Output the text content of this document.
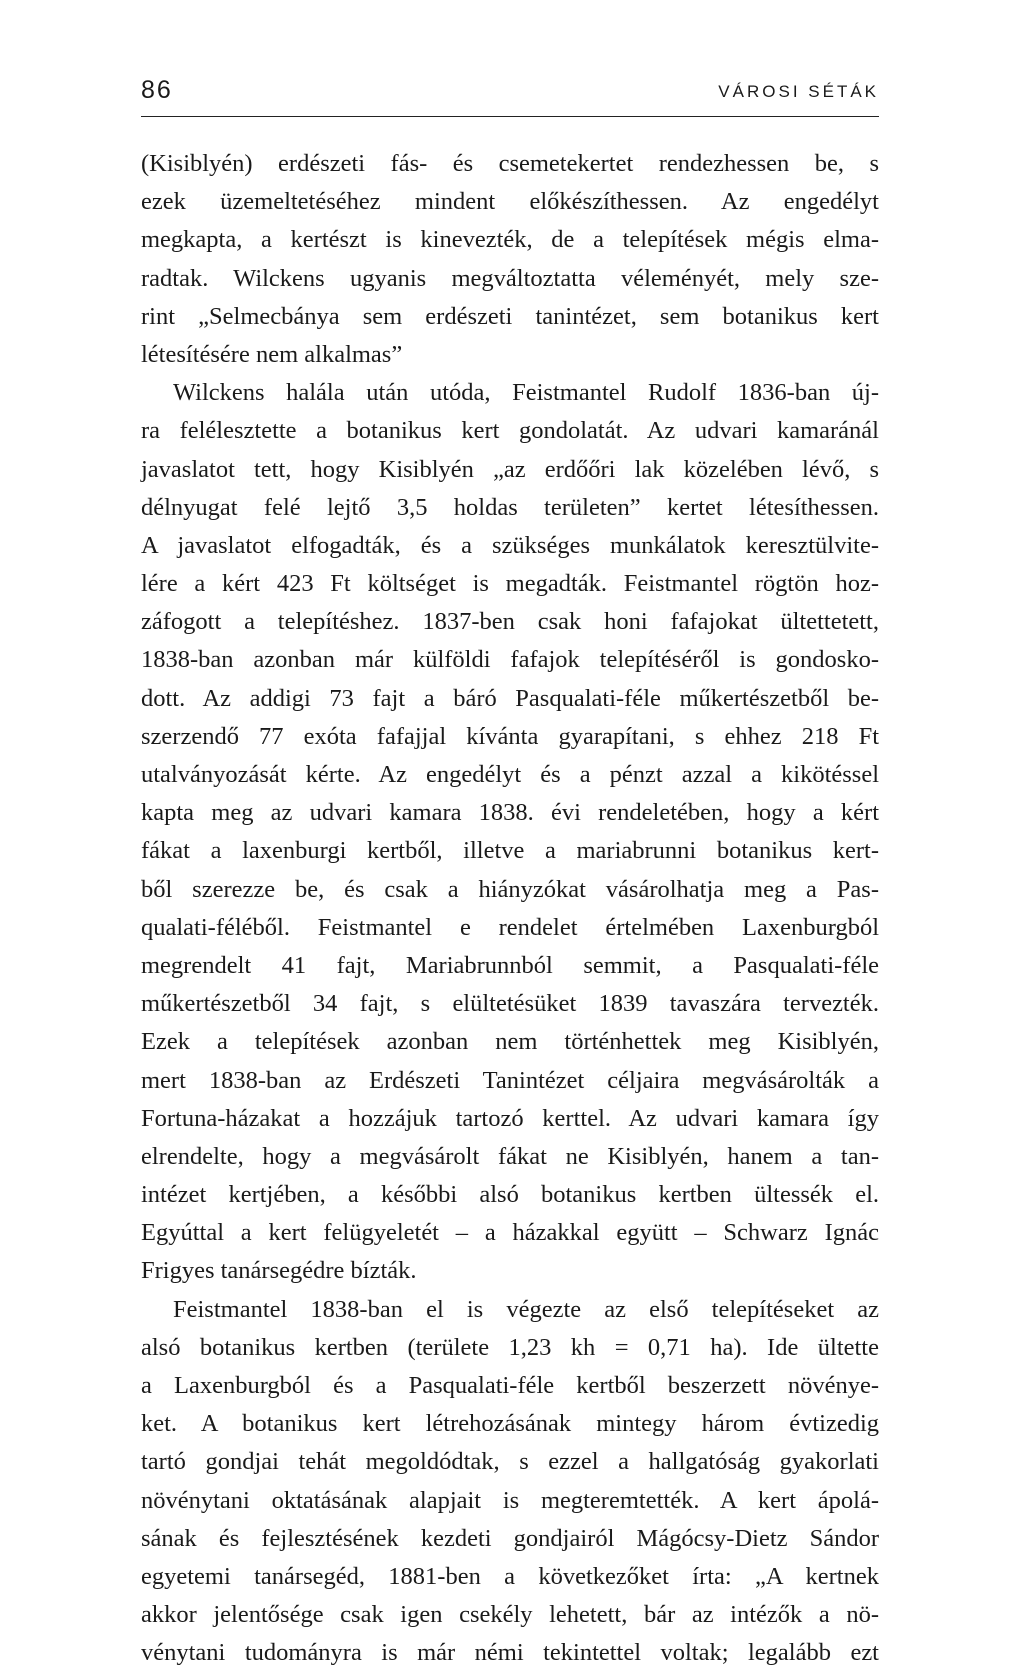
86	VÁROSI SÉTÁK
(Kisiblyén) erdészeti fás- és csemetekertet rendezhessen be, s
ezek üzemeltetéséhez mindent előkészíthessen. Az engedélyt
megkapta, a kertészt is kinevezték, de a telepítések mégis elma-
radtak. Wilckens ugyanis megváltoztatta véleményét, mely sze-
rint „Selmecbánya sem erdészeti tanintézet, sem botanikus kert
létesítésére nem alkalmas”
Wilckens halála után utóda, Feistmantel Rudolf 1836-ban új-
ra felélesztette a botanikus kert gondolatát. Az udvari kamaránál
javaslatot tett, hogy Kisiblyén „az erdőőri lak közelében lévő, s
délnyugat felé lejtő 3,5 holdas területen” kertet létesíthessen.
A javaslatot elfogadták, és a szükséges munkálatok keresztülvite-
lére a kért 423 Ft költséget is megadták. Feistmantel rögtön hoz-
záfogott a telepítéshez. 1837-ben csak honi fafajokat ültettetett,
1838-ban azonban már külföldi fafajok telepítéséről is gondosko-
dott. Az addigi 73 fajt a báró Pasqualati-féle műkertészetből be-
szerzendő 77 exóta fafajjal kívánta gyarapítani, s ehhez 218 Ft
utalványozását kérte. Az engedélyt és a pénzt azzal a kikötéssel
kapta meg az udvari kamara 1838. évi rendeletében, hogy a kért
fákat a laxenburgi kertből, illetve a mariabrunni botanikus kert-
ből szerezze be, és csak a hiányzókat vásárolhatja meg a Pas-
qualati-féléből. Feistmantel e rendelet értelmében Laxenburgból
megrendelt 41 fajt, Mariabrunnból semmit, a Pasqualati-féle
műkertészetből 34 fajt, s elültetésüket 1839 tavaszára tervezték.
Ezek a telepítések azonban nem történhettek meg Kisiblyén,
mert 1838-ban az Erdészeti Tanintézet céljaira megvásárolták a
Fortuna-házakat a hozzájuk tartozó kerttel. Az udvari kamara így
elrendelte, hogy a megvásárolt fákat ne Kisiblyén, hanem a tan-
intézet kertjében, a későbbi alsó botanikus kertben ültessék el.
Egyúttal a kert felügyeletét – a házakkal együtt – Schwarz Ignác
Frigyes tanársegédre bízták.
Feistmantel 1838-ban el is végezte az első telepítéseket az
alsó botanikus kertben (területe 1,23 kh = 0,71 ha). Ide ültette
a Laxenburgból és a Pasqualati-féle kertből beszerzett növénye-
ket. A botanikus kert létrehozásának mintegy három évtizedig
tartó gondjai tehát megoldódtak, s ezzel a hallgatóság gyakorlati
növénytani oktatásának alapjait is megteremtették. A kert ápolá-
sának és fejlesztésének kezdeti gondjairól Mágócsy-Dietz Sándor
egyetemi tanársegéd, 1881-ben a következőket írta: „A kertnek
akkor jelentősége csak igen csekély lehetett, bár az intézők a nö-
vénytani tudományra is már némi tekintettel voltak; legalább ezt
